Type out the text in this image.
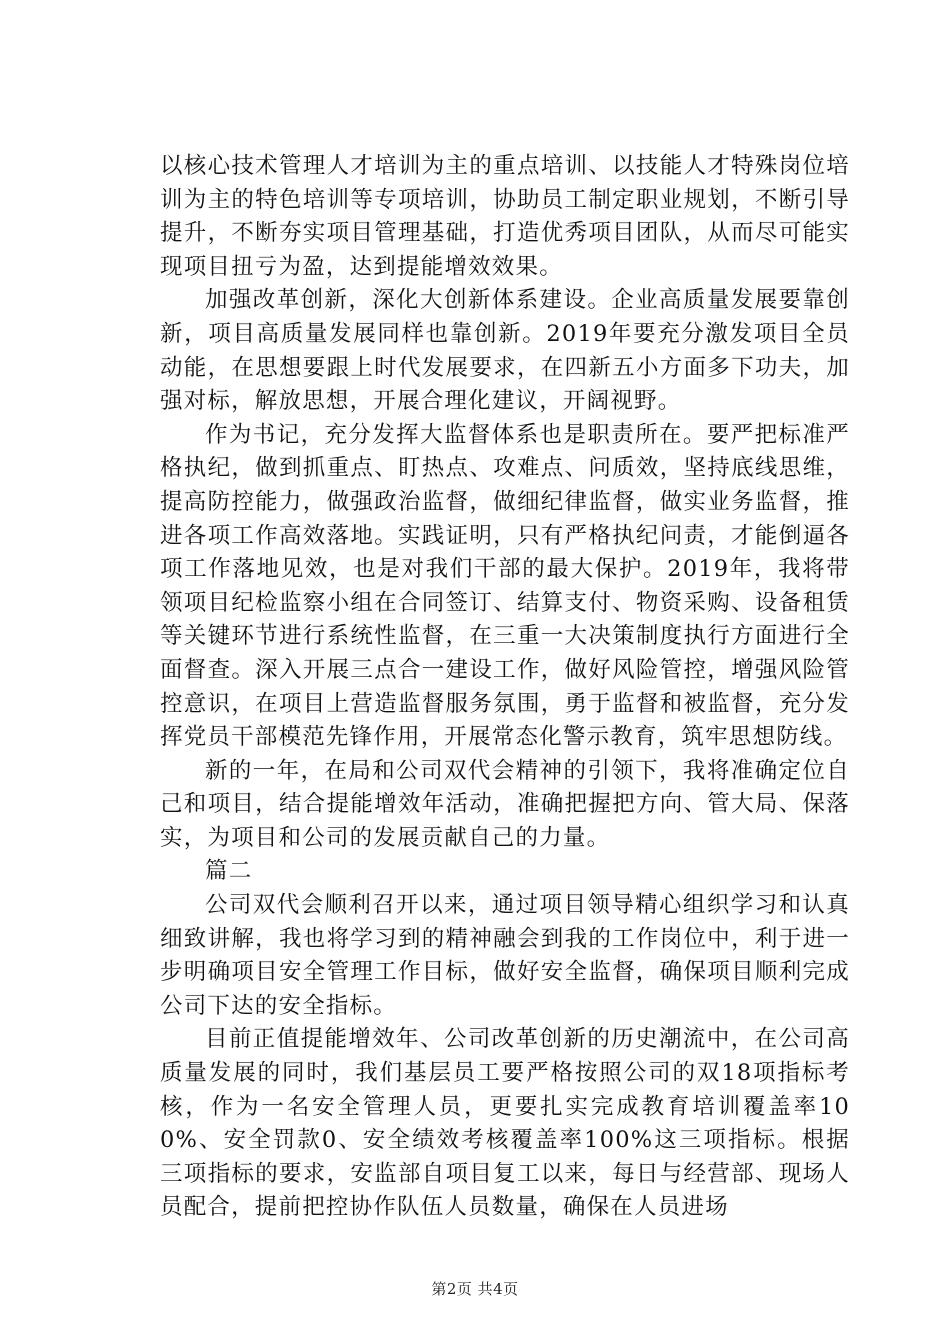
以核心技术管理人才培训为主的重点培训、以技能人才特殊岗位培训为主的特色培训等专项培训，协助员工制定职业规划，不断引导提升，不断夯实项目管理基础，打造优秀项目团队，从而尽可能实现项目扭亏为盈，达到提能增效效果。

加强改革创新，深化大创新体系建设。企业高质量发展要靠创新，项目高质量发展同样也靠创新。2019年要充分激发项目全员动能，在思想要跟上时代发展要求，在四新五小方面多下功夫，加强对标，解放思想，开展合理化建议，开阔视野。

作为书记，充分发挥大监督体系也是职责所在。要严把标准严格执纪，做到抓重点、盯热点、攻难点、问质效，坚持底线思维，提高防控能力，做强政治监督，做细纪律监督，做实业务监督，推进各项工作高效落地。实践证明，只有严格执纪问责，才能倒逼各项工作落地见效，也是对我们干部的最大保护。2019年，我将带领项目纪检监察小组在合同签订、结算支付、物资采购、设备租赁等关键环节进行系统性监督，在三重一大决策制度执行方面进行全面督查。深入开展三点合一建设工作，做好风险管控，增强风险管控意识，在项目上营造监督服务氛围，勇于监督和被监督，充分发挥党员干部模范先锋作用，开展常态化警示教育，筑牢思想防线。

新的一年，在局和公司双代会精神的引领下，我将准确定位自己和项目，结合提能增效年活动，准确把握把方向、管大局、保落实，为项目和公司的发展贡献自己的力量。

篇二

公司双代会顺利召开以来，通过项目领导精心组织学习和认真细致讲解，我也将学习到的精神融会到我的工作岗位中，利于进一步明确项目安全管理工作目标，做好安全监督，确保项目顺利完成公司下达的安全指标。

目前正值提能增效年、公司改革创新的历史潮流中，在公司高质量发展的同时，我们基层员工要严格按照公司的双18项指标考核，作为一名安全管理人员，更要扎实完成教育培训覆盖率100%、安全罚款0、安全绩效考核覆盖率100%这三项指标。根据三项指标的要求，安监部自项目复工以来，每日与经营部、现场人员配合，提前把控协作队伍人员数量，确保在人员进场

第2页 共4页
